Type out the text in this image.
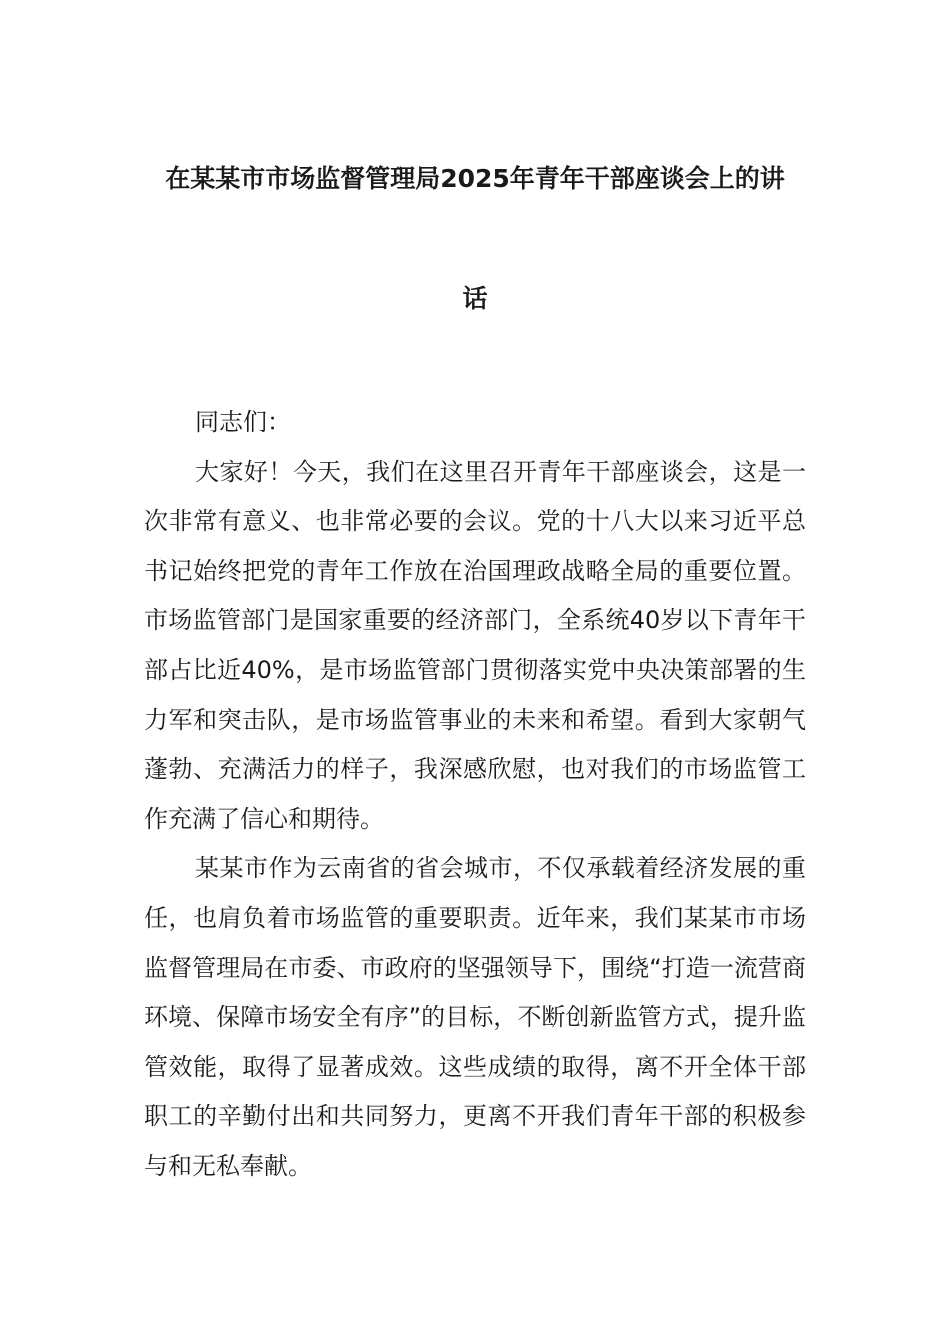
在某某市市场监督管理局2025年青年干部座谈会上的讲
话

同志们：

大家好！今天，我们在这里召开青年干部座谈会，这是一次非常有意义、也非常必要的会议。党的十八大以来习近平总书记始终把党的青年工作放在治国理政战略全局的重要位置。市场监管部门是国家重要的经济部门，全系统40岁以下青年干部占比近40%，是市场监管部门贯彻落实党中央决策部署的生力军和突击队，是市场监管事业的未来和希望。看到大家朝气蓬勃、充满活力的样子，我深感欣慰，也对我们的市场监管工作充满了信心和期待。

某某市作为云南省的省会城市，不仅承载着经济发展的重任，也肩负着市场监管的重要职责。近年来，我们某某市市场监督管理局在市委、市政府的坚强领导下，围绕“打造一流营商环境、保障市场安全有序”的目标，不断创新监管方式，提升监管效能，取得了显著成效。这些成绩的取得，离不开全体干部职工的辛勤付出和共同努力，更离不开我们青年干部的积极参与和无私奉献。
